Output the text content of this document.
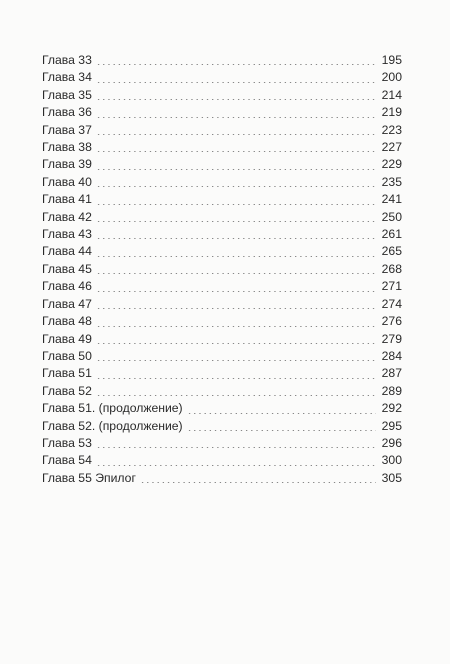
Глава 33	195
Глава 34	200
Глава 35	214
Глава 36	219
Глава 37	223
Глава 38	227
Глава 39	229
Глава 40	235
Глава 41	241
Глава 42	250
Глава 43	261
Глава 44	265
Глава 45	268
Глава 46	271
Глава 47	274
Глава 48	276
Глава 49	279
Глава 50	284
Глава 51	287
Глава 52	289
Глава 51. (продолжение)	292
Глава 52. (продолжение)	295
Глава 53	296
Глава 54	300
Глава 55 Эпилог	305
